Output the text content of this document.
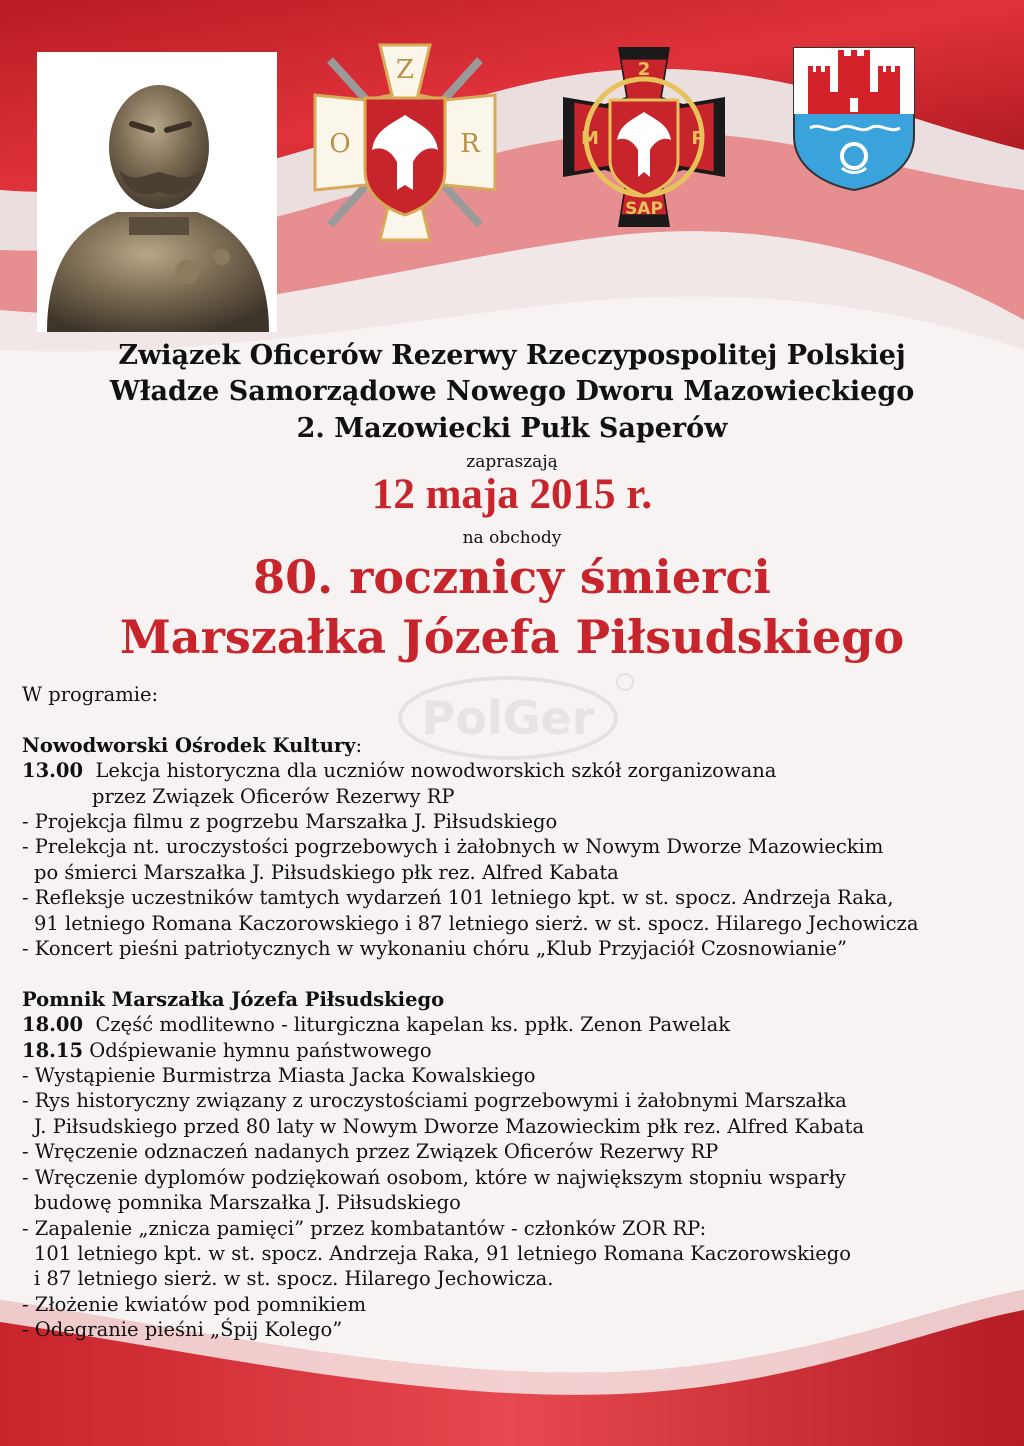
Z
O	R
2
M	P
SAP
PolGer
Związek Oficerów Rezerwy Rzeczypospolitej Polskiej
Władze Samorządowe Nowego Dworu Mazowieckiego
2. Mazowiecki Pułk Saperów
zapraszają
12 maja 2015 r.
na obchody
80. rocznicy śmierci
Marszałka Józefa Piłsudskiego
W programie:
Nowodworski Ośrodek Kultury:
13.00 Lekcja historyczna dla uczniów nowodworskich szkół zorganizowana
przez Związek Oficerów Rezerwy RP
- Projekcja filmu z pogrzebu Marszałka J. Piłsudskiego
- Prelekcja nt. uroczystości pogrzebowych i żałobnych w Nowym Dworze Mazowieckim
po śmierci Marszałka J. Piłsudskiego płk rez. Alfred Kabata
- Refleksje uczestników tamtych wydarzeń 101 letniego kpt. w st. spocz. Andrzeja Raka,
91 letniego Romana Kaczorowskiego i 87 letniego sierż. w st. spocz. Hilarego Jechowicza
- Koncert pieśni patriotycznych w wykonaniu chóru „Klub Przyjaciół Czosnowianie”
Pomnik Marszałka Józefa Piłsudskiego
18.00 Część modlitewno - liturgiczna kapelan ks. ppłk. Zenon Pawelak
18.15 Odśpiewanie hymnu państwowego
- Wystąpienie Burmistrza Miasta Jacka Kowalskiego
- Rys historyczny związany z uroczystościami pogrzebowymi i żałobnymi Marszałka
J. Piłsudskiego przed 80 laty w Nowym Dworze Mazowieckim płk rez. Alfred Kabata
- Wręczenie odznaczeń nadanych przez Związek Oficerów Rezerwy RP
- Wręczenie dyplomów podziękowań osobom, które w największym stopniu wsparły
budowę pomnika Marszałka J. Piłsudskiego
- Zapalenie „znicza pamięci” przez kombatantów - członków ZOR RP:
101 letniego kpt. w st. spocz. Andrzeja Raka, 91 letniego Romana Kaczorowskiego
i 87 letniego sierż. w st. spocz. Hilarego Jechowicza.
- Złożenie kwiatów pod pomnikiem
- Odegranie pieśni „Śpij Kolego”
